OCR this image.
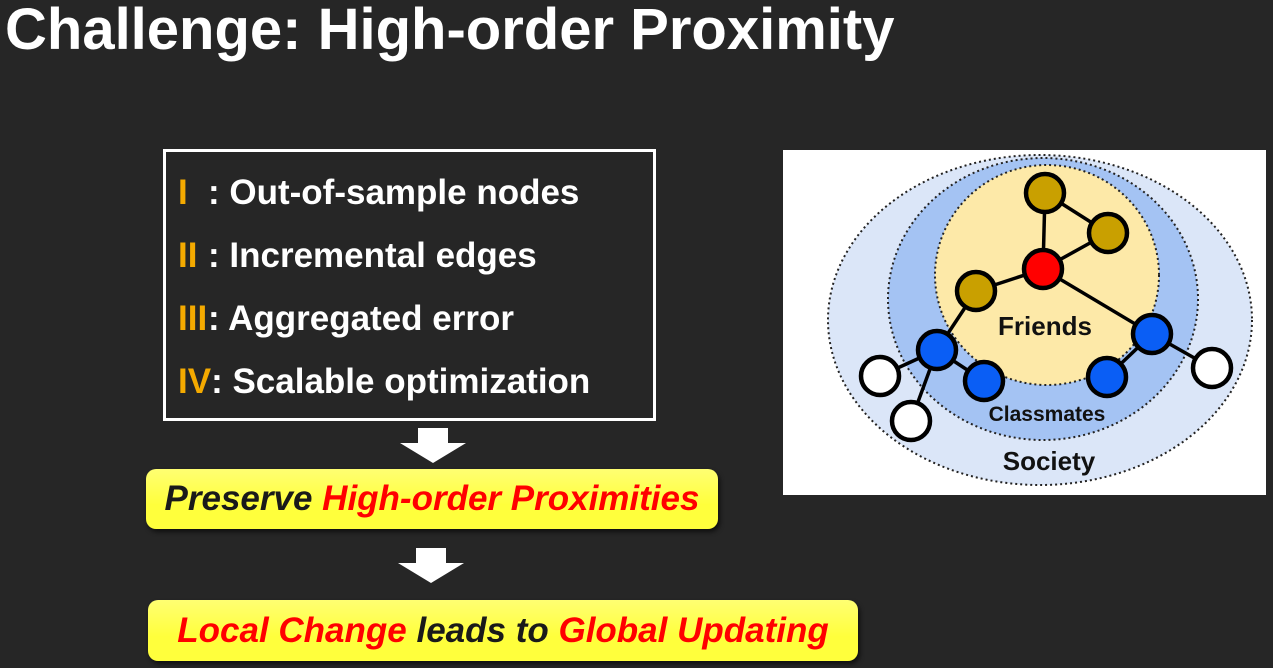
Challenge: High-order Proximity
I : Out-of-sample nodes
II : Incremental edges
III: Aggregated error
IV: Scalable optimization
Preserve High-order Proximities
Local Change leads to Global Updating
Friends
Classmates
Society
